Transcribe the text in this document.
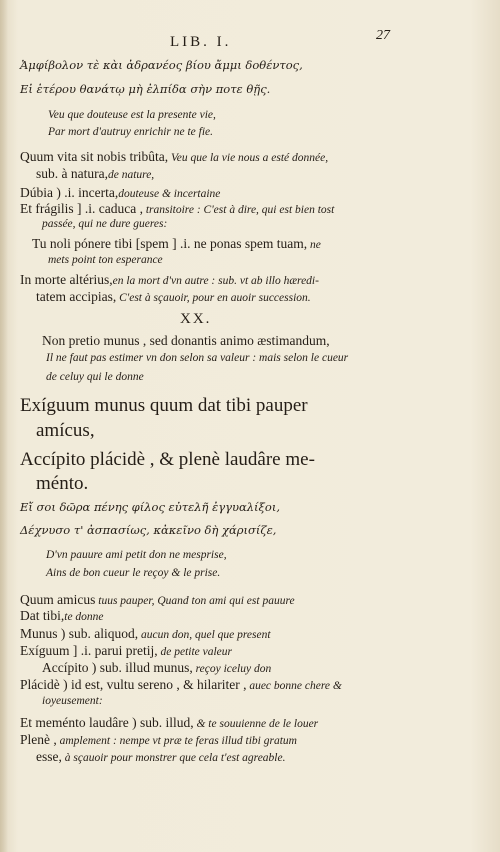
LIB. I.	27
Ἀμφίβολον τὲ κὰι ἀδρανέος βίου ἄμμι δοθέντος,
Εἰ ἑτέρου θανάτῳ μὴ ἐλπίδα σὴν ποτε θῇς.
Veu que douteuse est la presente vie,
Par mort d'autruy enrichir ne te fie.
Quum vita sit nobis tribûta, Veu que la vie nous a esté donnée,
sub. à natura,de nature,
Dúbia ) .i. incerta,douteuse & incertaine
Et frágilis ] .i. caduca , transitoire : C'est à dire, qui est bien tost
passée, qui ne dure gueres:
Tu noli pónere tibi [spem ] .i. ne ponas spem tuam, ne
mets point ton esperance
In morte altérius,en la mort d'vn autre : sub. vt ab illo hæredi-
tatem accipias, C'est à sçauoir, pour en auoir succession.
XX.
Non pretio munus , sed donantis animo æstimandum,
Il ne faut pas estimer vn don selon sa valeur : mais selon le cueur
de celuy qui le donne
Exíguum munus quum dat tibi pauper
amícus,
Accípito plácidè , & plenè laudâre me-
ménto.
Εἴ σοι δῶρα πένης φίλος εὐτελῆ ἐγγυαλίξοι,
Δέχνυσο τ' ἀσπασίως, κἀκεῖνο δὴ χάρισίζε,
D'vn pauure ami petit don ne mesprise,
Ains de bon cueur le reçoy & le prise.
Quum amicus tuus pauper, Quand ton ami qui est pauure
Dat tibi,te donne
Munus ) sub. aliquod, aucun don, quel que present
Exíguum ] .i. parui pretij, de petite valeur
Accípito ) sub. illud munus, reçoy iceluy don
Plácidè ) id est, vultu sereno , & hilariter , auec bonne chere &
ioyeusement:
Et meménto laudâre ) sub. illud, & te souuienne de le louer
Plenè , amplement : nempe vt præ te feras illud tibi gratum
esse, à sçauoir pour monstrer que cela t'est agreable.
